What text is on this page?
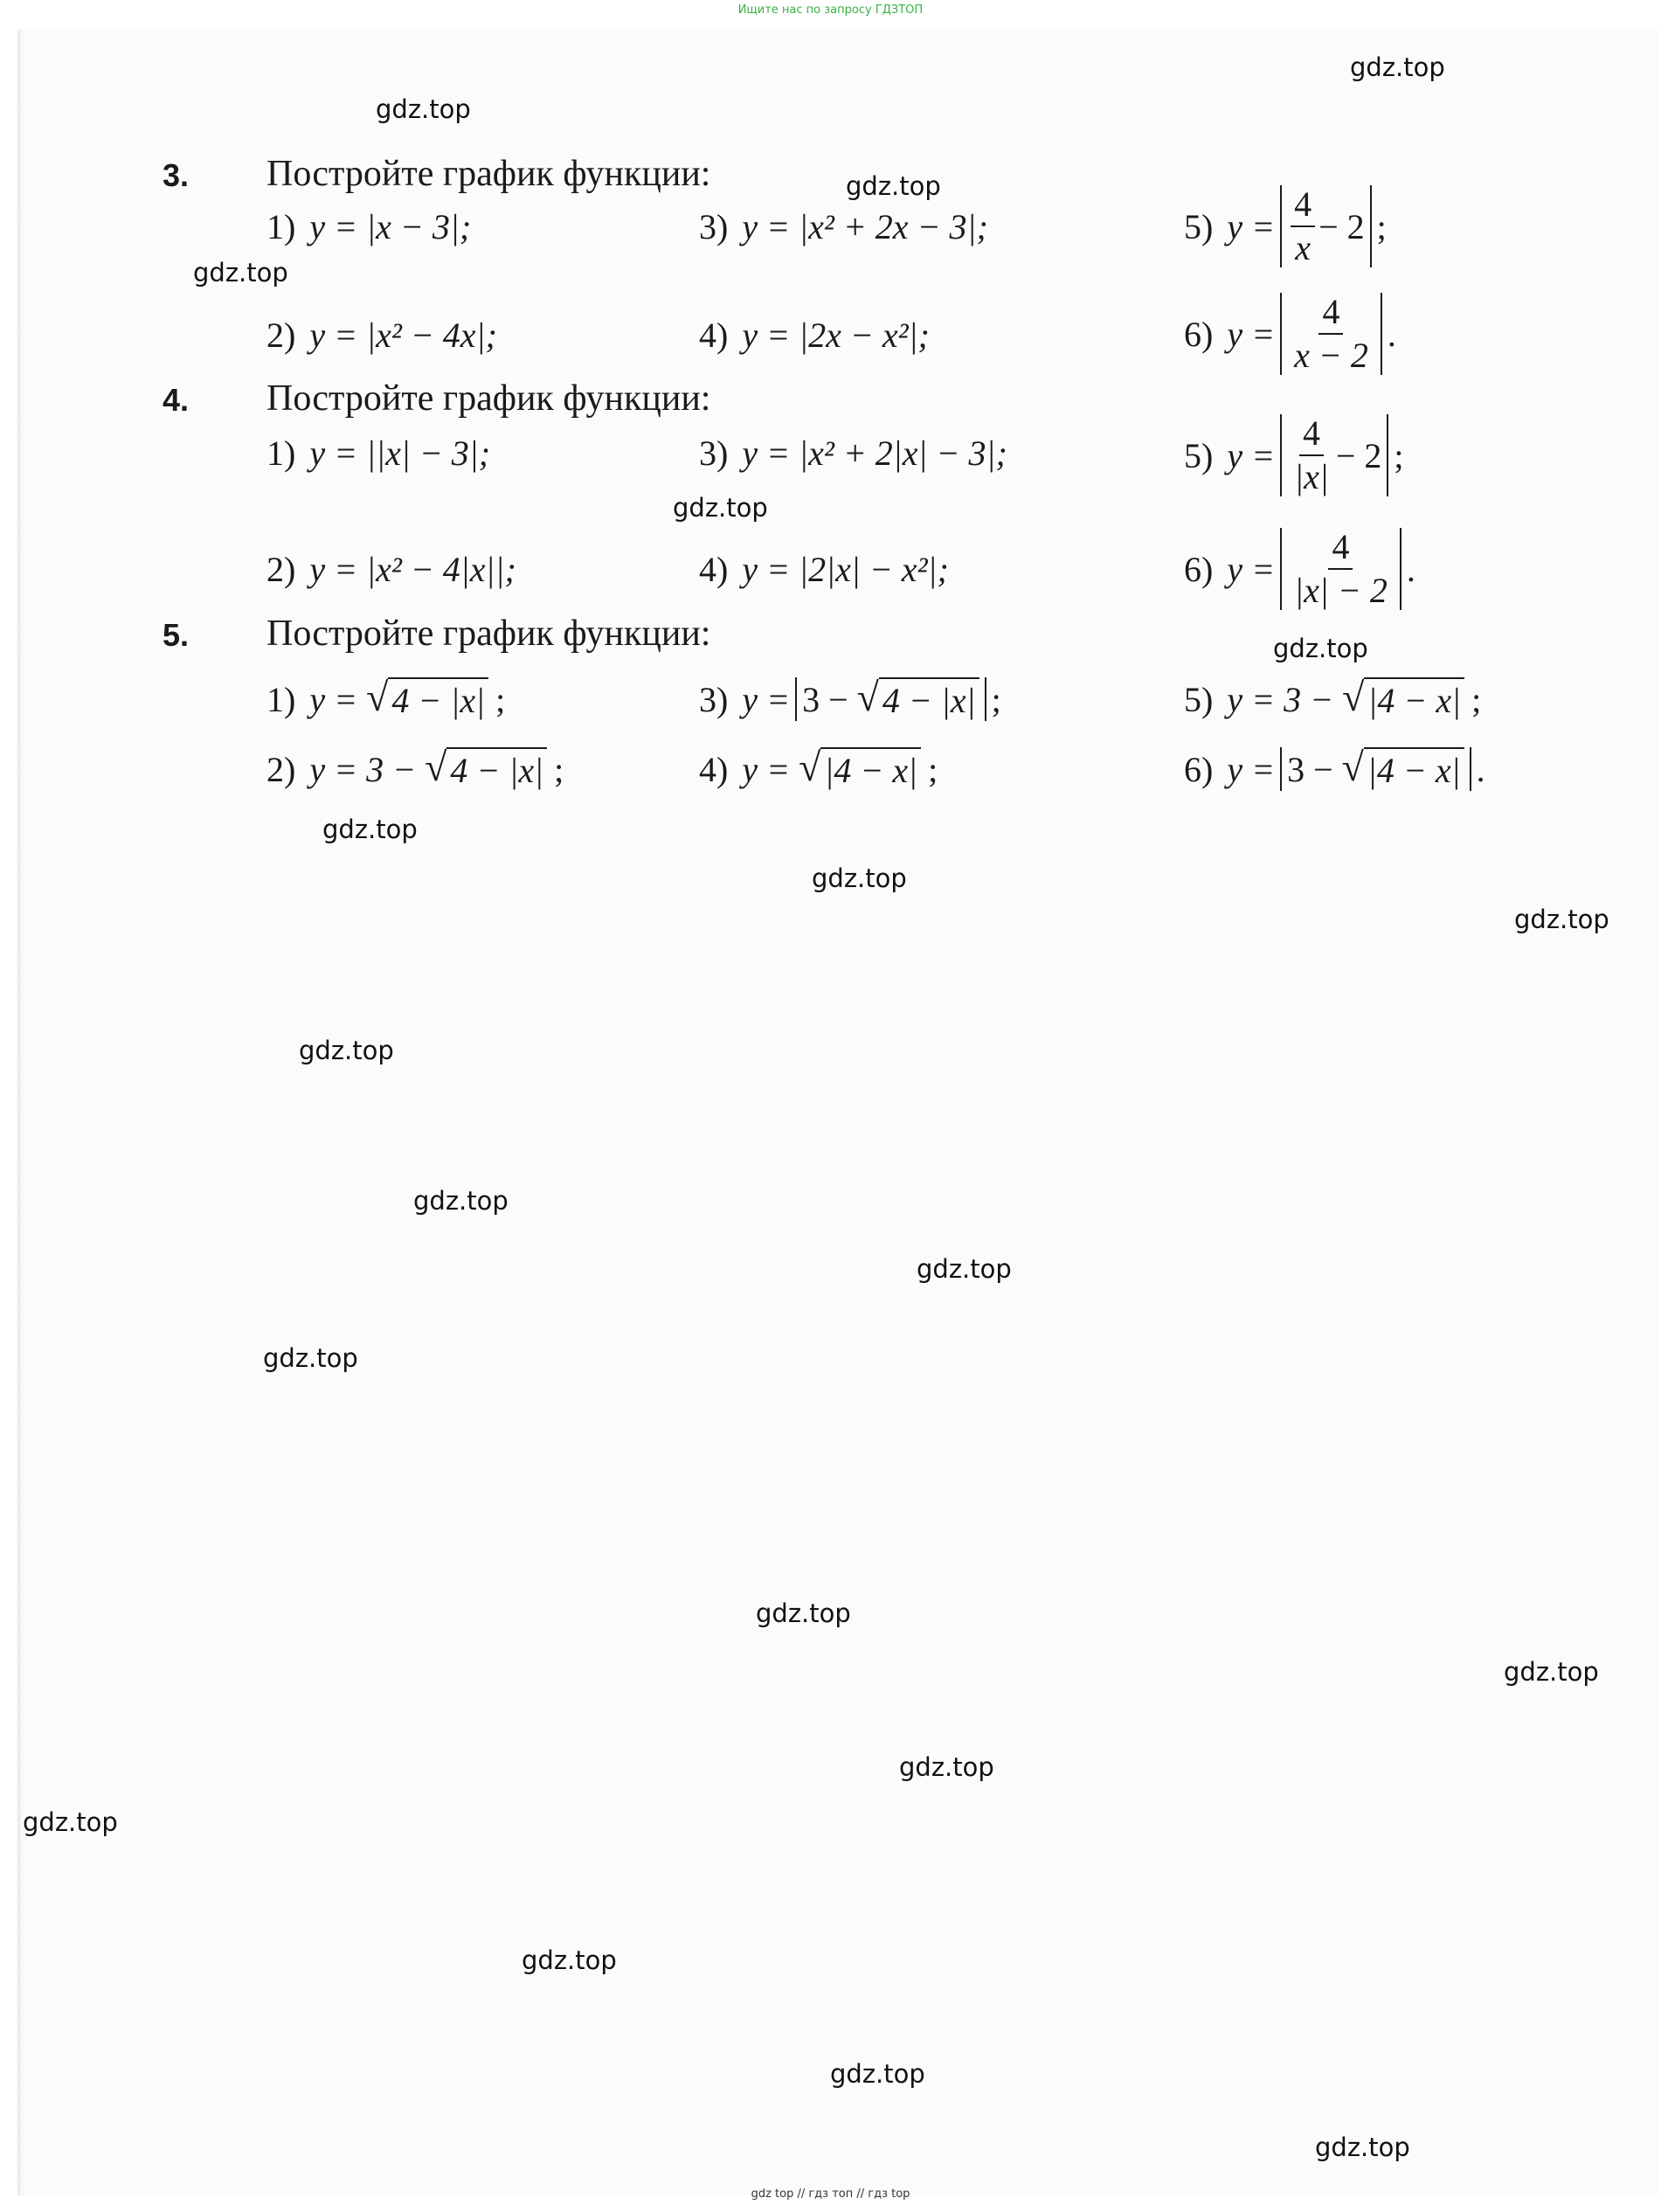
Ищите нас по запросу ГДЗТОП
gdz.top
gdz.top
gdz.top
gdz.top
gdz.top
gdz.top
gdz.top
gdz.top
gdz.top
gdz.top
gdz.top
gdz.top
gdz.top
gdz.top
gdz.top
gdz.top
gdz.top
gdz.top
gdz.top
gdz.top
3. Постройте график функции:
1) y = |x − 3|;
2) y = |x² − 4x|;
3) y = |x² + 2x − 3|;
4) y = |2x − x²|;
5) $y = \frac{4}{x} - 2$ ;
6) $y = \frac{4}{x - 2}$ .
4. Постройте график функции:
1) y = ||x| − 3|;
2) y = |x² − 4|x||;
3) y = |x² + 2|x| − 3|;
4) y = |2|x| − x²|;
5) $y = \frac{4}{|x|} - 2$ ;
6) $y = \frac{4}{|x| - 2}$ .
5. Постройте график функции:
1) y =
√ 4 − |x| ;
2) y = 3 −
√ 4 − |x| ;
3) y = 3 −
√ 4 − |x| ;
4) y =
√ |4 − x| ;
5) y = 3 −
√ |4 − x| ;
6) y = 3 −
√ |4 − x| .
gdz top // гдз топ // гдз top
